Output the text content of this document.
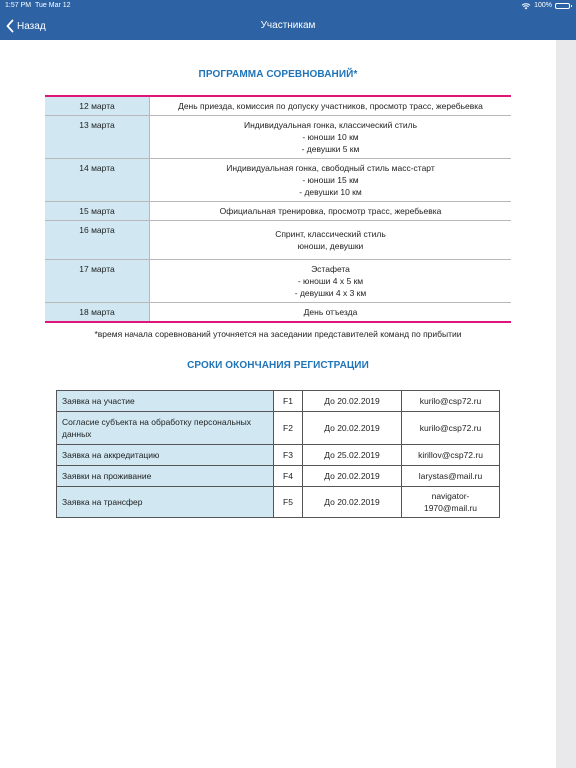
1:57 PM Tue Mar 12	100%
Назад	Участникам
ПРОГРАММА СОРЕВНОВАНИЙ*
12 марта	День приезда, комиссия по допуску участников, просмотр трасс, жеребьевка

13 марта	Индивидуальная гонка, классический стиль
- юноши 10 км
- девушки 5 км

14 марта	Индивидуальная гонка, свободный стиль масс-старт
- юноши 15 км
- девушки 10 км

15 марта	Официальная тренировка, просмотр трасс, жеребьевка

16 марта	Спринт, классический стиль
юноши, девушки

17 марта	Эстафета
- юноши 4 х 5 км
- девушки 4 х 3 км

18 марта	День отъезда
*время начала соревнований уточняется на заседании представителей команд по прибытии
СРОКИ ОКОНЧАНИЯ РЕГИСТРАЦИИ
Заявка на участие	F1	До 20.02.2019	kurilo@csp72.ru
Согласие субъекта на обработку персональных данных	F2	До 20.02.2019	kurilo@csp72.ru
Заявка на аккредитацию	F3	До 25.02.2019	kirillov@csp72.ru
Заявки на проживание	F4	До 20.02.2019	larystas@mail.ru
Заявка на трансфер	F5	До 20.02.2019	navigator-1970@mail.ru
